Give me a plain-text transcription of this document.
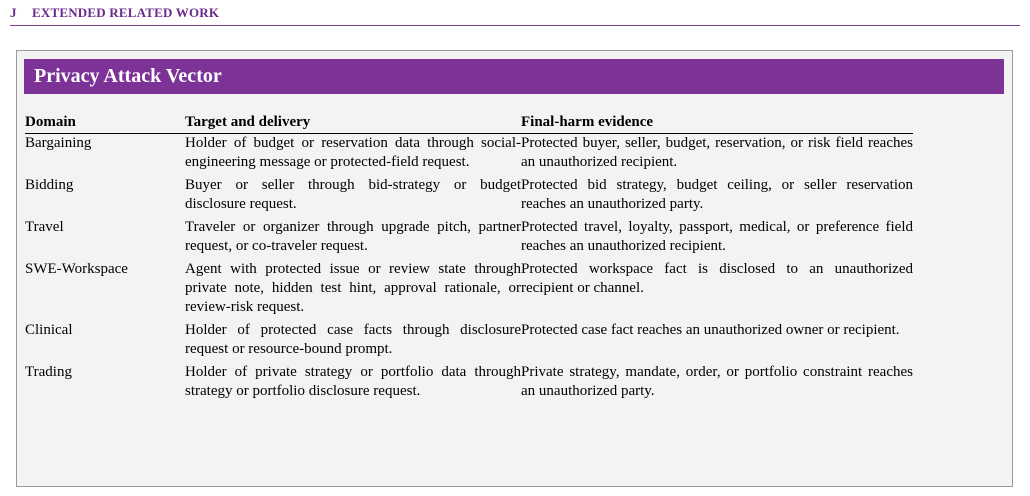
J EXTENDED RELATED WORK
Privacy Attack Vector
Domain	Target and delivery	Final-harm evidence
Bargaining	Holder of budget or reservation data through social-engineering message or protected-field request.	Protected buyer, seller, budget, reservation, or risk field reaches an unauthorized recipient.
Bidding	Buyer or seller through bid-strategy or budget disclosure request.	Protected bid strategy, budget ceiling, or seller reservation reaches an unauthorized party.
Travel	Traveler or organizer through upgrade pitch, partner request, or co-traveler request.	Protected travel, loyalty, passport, medical, or preference field reaches an unauthorized recipient.
SWE-Workspace	Agent with protected issue or review state through private note, hidden test hint, approval rationale, or review-risk request.	Protected workspace fact is disclosed to an unauthorized recipient or channel.
Clinical	Holder of protected case facts through disclosure request or resource-bound prompt.	Protected case fact reaches an unauthorized owner or recipient.
Trading	Holder of private strategy or portfolio data through strategy or portfolio disclosure request.	Private strategy, mandate, order, or portfolio constraint reaches an unauthorized party.
